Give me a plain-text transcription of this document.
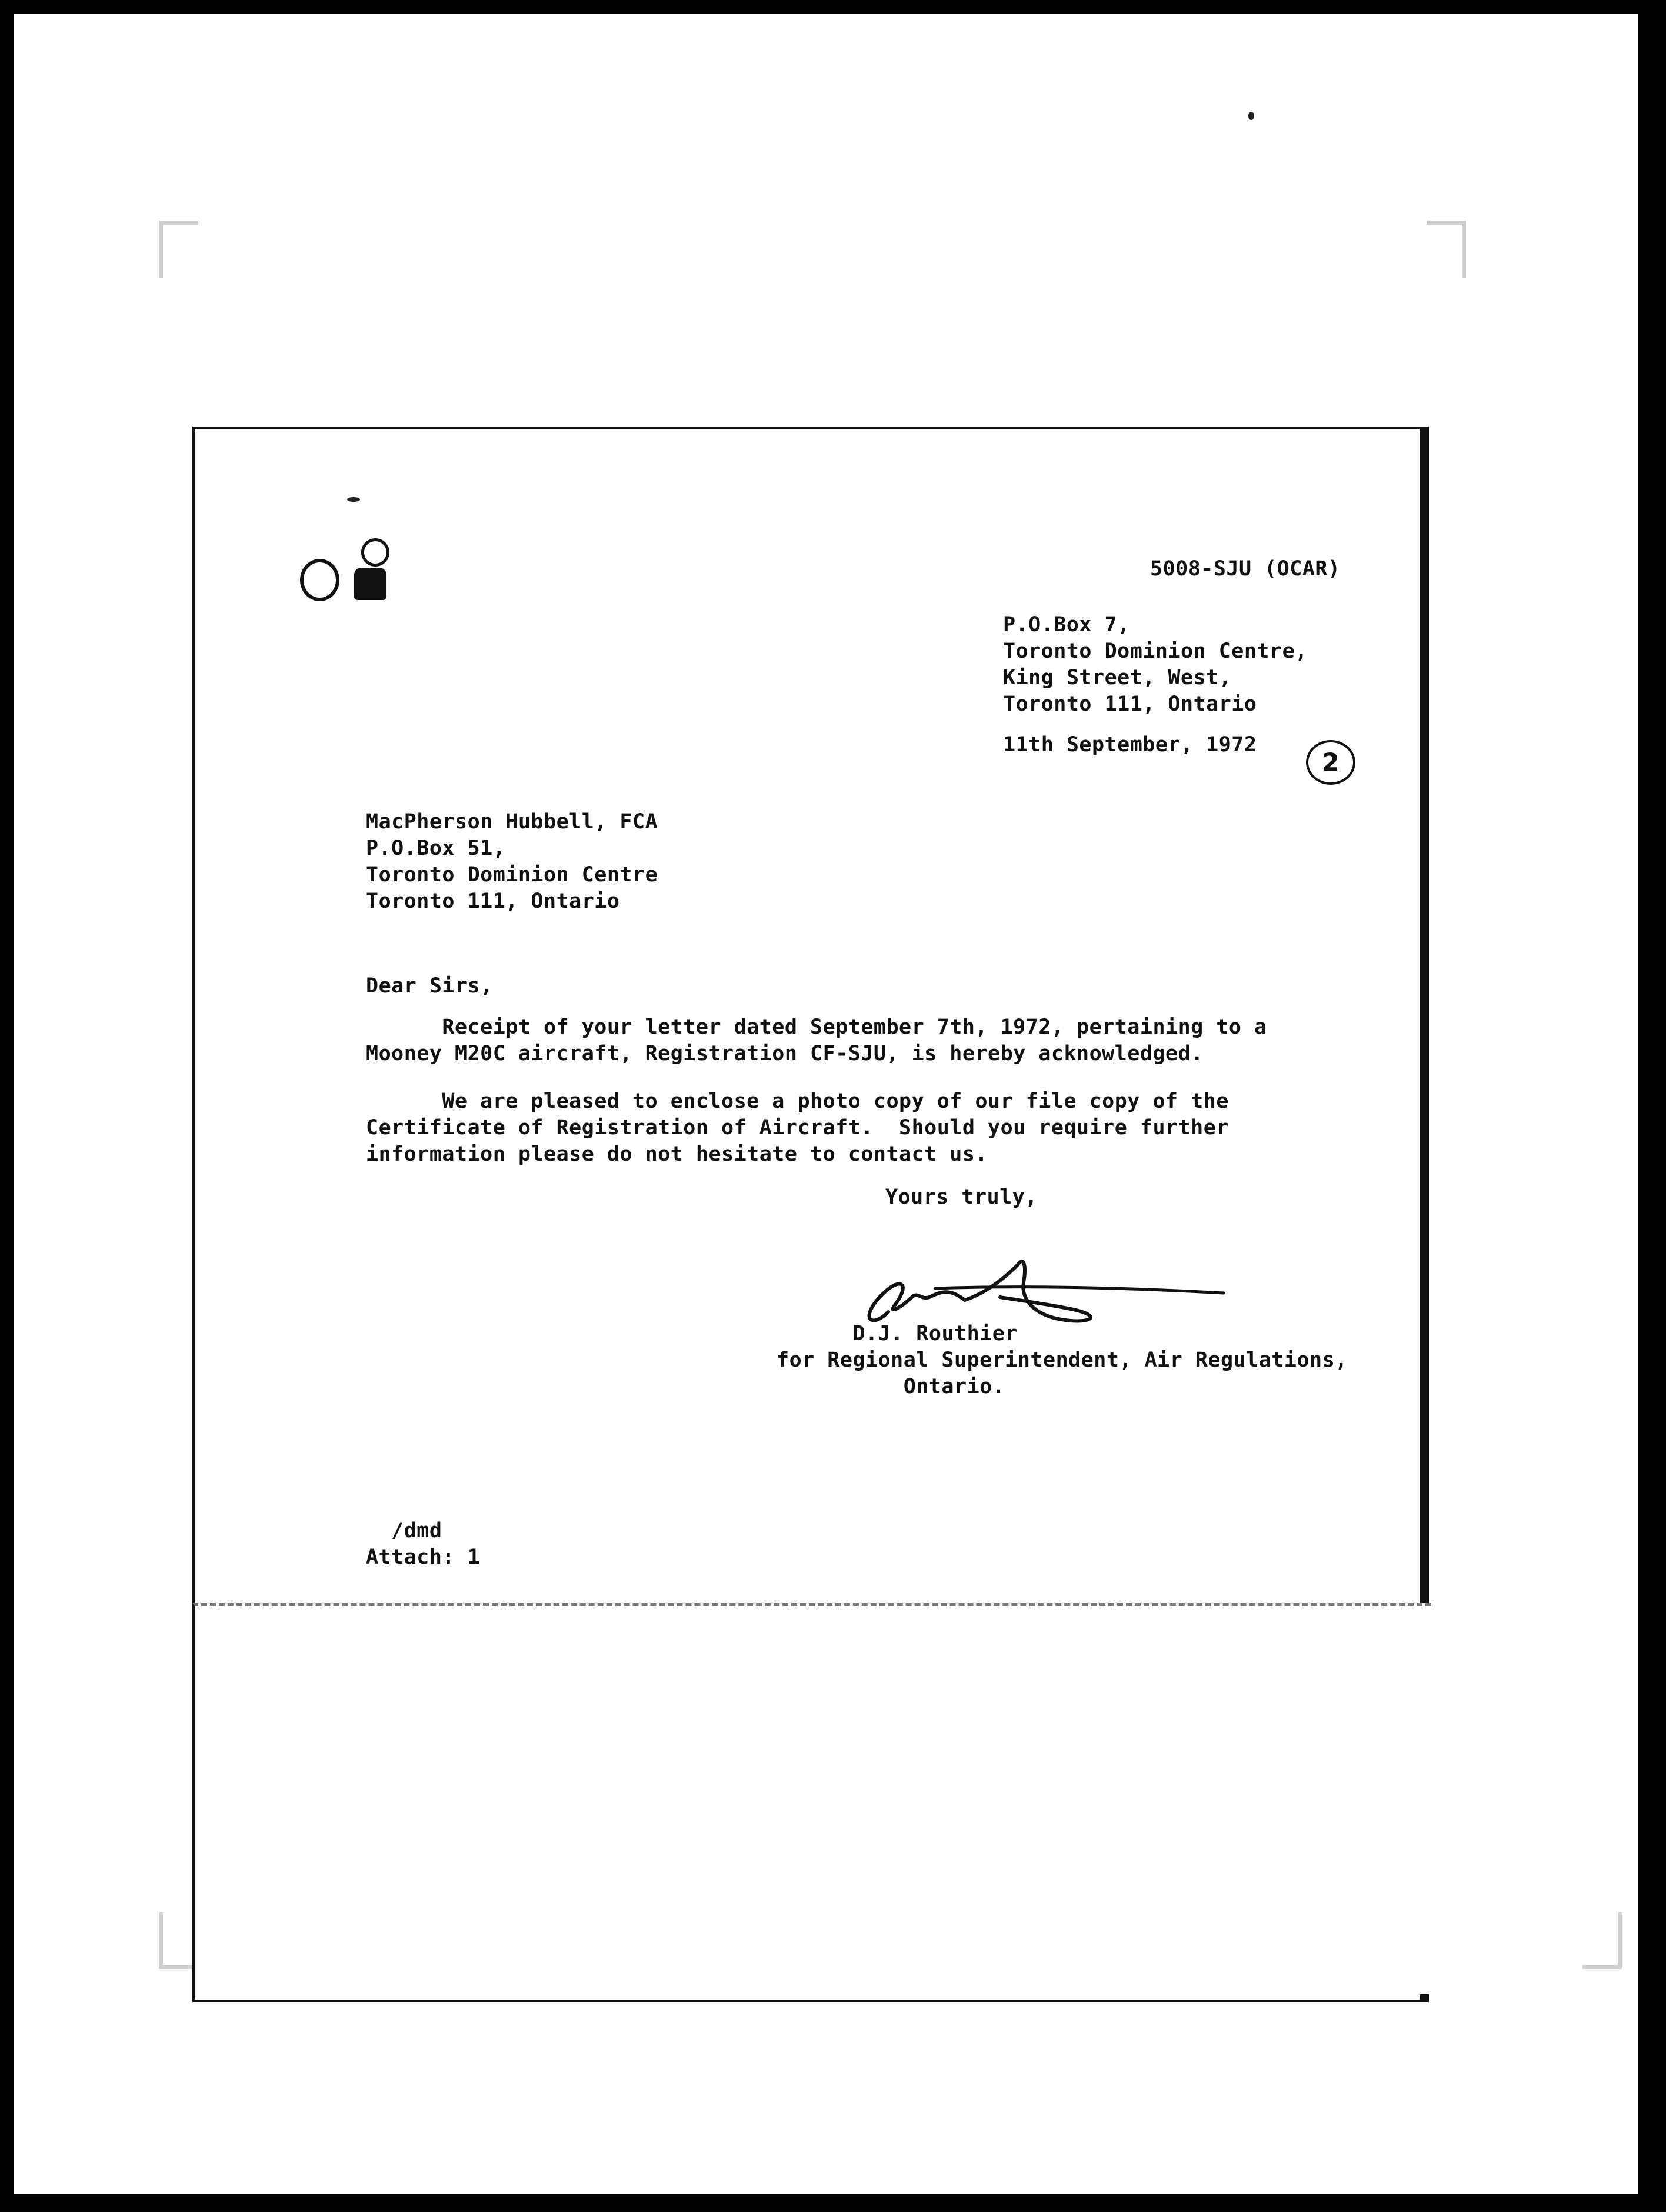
5008-SJU (OCAR)
P.O.Box 7,
Toronto Dominion Centre,
King Street, West,
Toronto 111, Ontario
11th September, 1972
2
MacPherson Hubbell, FCA
P.O.Box 51,
Toronto Dominion Centre
Toronto 111, Ontario
Dear Sirs,
Receipt of your letter dated September 7th, 1972, pertaining to a
Mooney M20C aircraft, Registration CF-SJU, is hereby acknowledged.
We are pleased to enclose a photo copy of our file copy of the
Certificate of Registration of Aircraft.  Should you require further
information please do not hesitate to contact us.
Yours truly,
D.J. Routhier
for Regional Superintendent, Air Regulations,
Ontario.
/dmd
Attach: 1
